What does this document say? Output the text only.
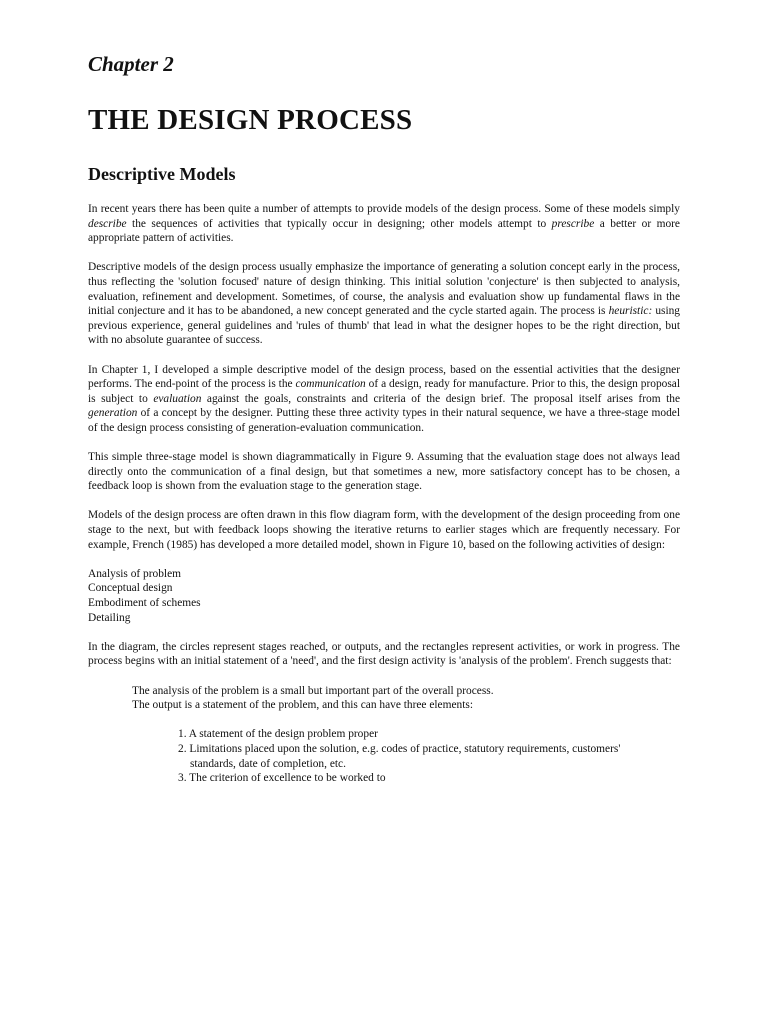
Chapter 2
THE DESIGN PROCESS
Descriptive Models

In recent years there has been quite a number of attempts to provide models of the design process. Some of these models simply describe the sequences of activities that typically occur in designing; other models attempt to prescribe a better or more appropriate pattern of activities.

Descriptive models of the design process usually emphasize the importance of generating a solution concept early in the process, thus reflecting the 'solution focused' nature of design thinking. This initial solution 'conjecture' is then subjected to analysis, evaluation, refinement and development. Sometimes, of course, the analysis and evaluation show up fundamental flaws in the initial conjecture and it has to be abandoned, a new concept generated and the cycle started again. The process is heuristic: using previous experience, general guidelines and 'rules of thumb' that lead in what the designer hopes to be the right direction, but with no absolute guarantee of success.

In Chapter 1, I developed a simple descriptive model of the design process, based on the essential activities that the designer performs. The end-point of the process is the communication of a design, ready for manufacture. Prior to this, the design proposal is subject to evaluation against the goals, constraints and criteria of the design brief. The proposal itself arises from the generation of a concept by the designer. Putting these three activity types in their natural sequence, we have a three-stage model of the design process consisting of generation-evaluation communication.

This simple three-stage model is shown diagrammatically in Figure 9. Assuming that the evaluation stage does not always lead directly onto the communication of a final design, but that sometimes a new, more satisfactory concept has to be chosen, a feedback loop is shown from the evaluation stage to the generation stage.

Models of the design process are often drawn in this flow diagram form, with the development of the design proceeding from one stage to the next, but with feedback loops showing the iterative returns to earlier stages which are frequently necessary. For example, French (1985) has developed a more detailed model, shown in Figure 10, based on the following activities of design:

Analysis of problem
Conceptual design
Embodiment of schemes
Detailing

In the diagram, the circles represent stages reached, or outputs, and the rectangles represent activities, or work in progress. The process begins with an initial statement of a 'need', and the first design activity is 'analysis of the problem'. French suggests that:

The analysis of the problem is a small but important part of the overall process.

The output is a statement of the problem, and this can have three elements:

1. A statement of the design problem proper
2. Limitations placed upon the solution, e.g. codes of practice, statutory requirements, customers'
standards, date of completion, etc.
3. The criterion of excellence to be worked to
